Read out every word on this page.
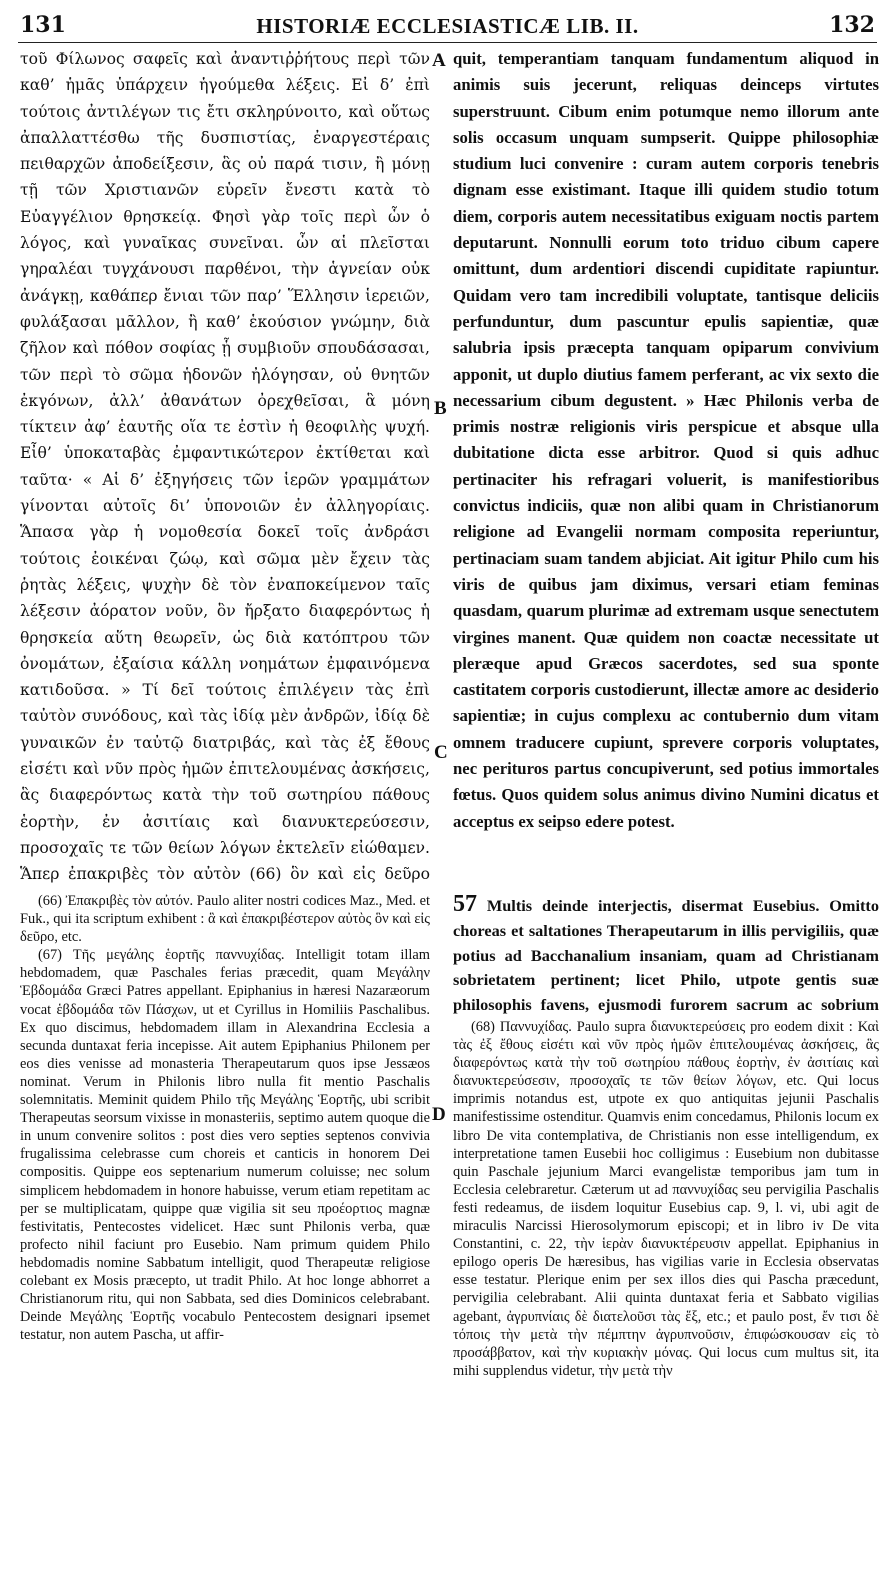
131	HISTORIÆ ECCLESIASTICÆ LIB. II.	132
τοῦ Φίλωνος σαφεῖς καὶ ἀναντιῤῥήτους περὶ τῶν καθ’ ἡμᾶς ὑπάρχειν ἡγούμεθα λέξεις. Εἰ δ’ ἐπὶ τούτοις ἀντιλέγων τις ἔτι σκληρύνοιτο, καὶ οὕτως ἀπαλλαττέσθω τῆς δυσπιστίας, ἐναργεστέραις πειθαρχῶν ἀποδείξεσιν, ἃς οὐ παρά τισιν, ἢ μόνῃ τῇ τῶν Χριστιανῶν εὑρεῖν ἔνεστι κατὰ τὸ Εὐαγγέλιον θρησκείᾳ. Φησὶ γὰρ τοῖς περὶ ὧν ὁ λόγος, καὶ γυναῖκας συνεῖναι. ὧν αἱ πλεῖσται γηραλέαι τυγχάνουσι παρθένοι, τὴν ἁγνείαν οὐκ ἀνάγκῃ, καθάπερ ἔνιαι τῶν παρ’ Ἕλλησιν ἱερειῶν, φυλάξασαι μᾶλλον, ἢ καθ’ ἑκούσιον γνώμην, διὰ ζῆλον καὶ πόθον σοφίας ᾗ συμβιοῦν σπουδάσασαι, τῶν περὶ τὸ σῶμα ἡδονῶν ἠλόγησαν, οὐ θνητῶν ἐκγόνων, ἀλλ’ ἀθανάτων ὀρεχθεῖσαι, ἃ μόνη τίκτειν ἀφ’ ἑαυτῆς οἵα τε ἐστὶν ἡ θεοφιλὴς ψυχή. Εἶθ’ ὑποκαταβὰς ἐμφαντικώτερον ἐκτίθεται καὶ ταῦτα· « Αἱ δ’ ἐξηγήσεις τῶν ἱερῶν γραμμάτων γίνονται αὐτοῖς δι’ ὑπονοιῶν ἐν ἀλληγορίαις. Ἅπασα γὰρ ἡ νομοθεσία δοκεῖ τοῖς ἀνδράσι τούτοις ἐοικέναι ζώῳ, καὶ σῶμα μὲν ἔχειν τὰς ῥητὰς λέξεις, ψυχὴν δὲ τὸν ἐναποκείμενον ταῖς λέξεσιν ἀόρατον νοῦν, ὃν ἤρξατο διαφερόντως ἡ θρησκεία αὕτη θεωρεῖν, ὡς διὰ κατόπτρου τῶν ὀνομάτων, ἐξαίσια κάλλη νοημάτων ἐμφαινόμενα κατιδοῦσα. » Τί δεῖ τούτοις ἐπιλέγειν τὰς ἐπὶ ταὐτὸν συνόδους, καὶ τὰς ἰδίᾳ μὲν ἀνδρῶν, ἰδίᾳ δὲ γυναικῶν ἐν ταὐτῷ διατριβάς, καὶ τὰς ἐξ ἔθους εἰσέτι καὶ νῦν πρὸς ἡμῶν ἐπιτελουμένας ἀσκήσεις, ἃς διαφερόντως κατὰ τὴν τοῦ σωτηρίου πάθους ἑορτὴν, ἐν ἀσιτίαις καὶ διανυκτερεύσεσιν, προσοχαῖς τε τῶν θείων λόγων ἐκτελεῖν εἰώθαμεν. Ἅπερ ἐπακριβὲς τὸν αὐτὸν (66) ὃν καὶ εἰς δεῦρο
A
B
C
D
quit, temperantiam tanquam fundamentum aliquod in animis suis jecerunt, reliquas deinceps virtutes superstruunt. Cibum enim potumque nemo illorum ante solis occasum unquam sumpserit. Quippe philosophiæ studium luci convenire : curam autem corporis tenebris dignam esse existimant. Itaque illi quidem studio totum diem, corporis autem necessitatibus exiguam noctis partem deputarunt. Nonnulli eorum toto triduo cibum capere omittunt, dum ardentiori discendi cupiditate rapiuntur. Quidam vero tam incredibili voluptate, tantisque deliciis perfunduntur, dum pascuntur epulis sapientiæ, quæ salubria ipsis præcepta tanquam opiparum convivium apponit, ut duplo diutius famem perferant, ac vix sexto die necessarium cibum degustent. » Hæc Philonis verba de primis nostræ religionis viris perspicue et absque ulla dubitatione dicta esse arbitror. Quod si quis adhuc pertinaciter his refragari voluerit, is manifestioribus convictus indiciis, quæ non alibi quam in Christianorum religione ad Evangelii normam composita reperiuntur, pertinaciam suam tandem abjiciat. Ait igitur Philo cum his viris de quibus jam diximus, versari etiam feminas quasdam, quarum plurimæ ad extremam usque senectutem virgines manent. Quæ quidem non coactæ necessitate ut pleræque apud Græcos sacerdotes, sed sua sponte castitatem corporis custodierunt, illectæ amore ac desiderio sapientiæ; in cujus complexu ac contubernio dum vitam omnem traducere cupiunt, sprevere corporis voluptates, nec perituros partus concupiverunt, sed potius immortales fœtus. Quos quidem solus animus divino Numini dicatus et acceptus ex seipso edere potest.

(66) Ἐπακριβὲς τὸν αὐτόν. Paulo aliter nostri codices Maz., Med. et Fuk., qui ita scriptum exhibent : ἃ καὶ ἐπακριβέστερον αὐτὸς ὃν καὶ εἰς δεῦρο, etc.

(67) Τῆς μεγάλης ἑορτῆς παννυχίδας. Intelligit totam illam hebdomadem, quæ Paschales ferias præcedit, quam Μεγάλην Ἑβδομάδα Græci Patres appellant. Epiphanius in hæresi Nazaræorum vocat ἑβδομάδα τῶν Πάσχων, ut et Cyrillus in Homiliis Paschalibus. Ex quo discimus, hebdomadem illam in Alexandrina Ecclesia a secunda duntaxat feria incepisse. Ait autem Epiphanius Philonem per eos dies venisse ad monasteria Therapeutarum quos ipse Jessæos nominat. Verum in Philonis libro nulla fit mentio Paschalis solemnitatis. Meminit quidem Philo τῆς Μεγάλης Ἑορτῆς, ubi scribit Therapeutas seorsum vixisse in monasteriis, septimo autem quoque die in unum convenire solitos : post dies vero septies septenos convivia frugalissima celebrasse cum choreis et canticis in honorem Dei compositis. Quippe eos septenarium numerum coluisse; nec solum simplicem hebdomadem in honore habuisse, verum etiam repetitam ac per se multiplicatam, quippe quæ vigilia sit seu προέορτιος magnæ festivitatis, Pentecostes videlicet. Hæc sunt Philonis verba, quæ profecto nihil faciunt pro Eusebio. Nam primum quidem Philo hebdomadis nomine Sabbatum intelligit, quod Therapeutæ religiose colebant ex Mosis præcepto, ut tradit Philo. At hoc longe abhorret a Christianorum ritu, qui non Sabbata, sed dies Dominicos celebrabant. Deinde Μεγάλης Ἑορτῆς vocabulo Pentecostem designari ipsemet testatur, non autem Pascha, ut affir-

57 Multis deinde interjectis, disermat Eusebius. Omitto choreas et saltationes Therapeutarum in illis pervigiliis, quæ potius ad Bacchanalium insaniam, quam ad Christianam sobrietatem pertinent; licet Philo, utpote gentis suæ philosophis favens, ejusmodi furorem sacrum ac sobrium

(68) Παννυχίδας. Paulo supra διανυκτερεύσεις pro eodem dixit : Καὶ τὰς ἐξ ἔθους εἰσέτι καὶ νῦν πρὸς ἡμῶν ἐπιτελουμένας ἀσκήσεις, ἃς διαφερόντως κατὰ τὴν τοῦ σωτηρίου πάθους ἑορτὴν, ἐν ἀσιτίαις καὶ διανυκτερεύσεσιν, προσοχαῖς τε τῶν θείων λόγων, etc. Qui locus imprimis notandus est, utpote ex quo antiquitas jejunii Paschalis manifestissime ostenditur. Quamvis enim concedamus, Philonis locum ex libro De vita contemplativa, de Christianis non esse intelligendum, ex interpretatione tamen Eusebii hoc colligimus : Eusebium non dubitasse quin Paschale jejunium Marci evangelistæ temporibus jam tum in Ecclesia celebraretur. Cæterum ut ad παννυχίδας seu pervigilia Paschalis festi redeamus, de iisdem loquitur Eusebius cap. 9, l. vi, ubi agit de miraculis Narcissi Hierosolymorum episcopi; et in libro iv De vita Constantini, c. 22, τὴν ἱερὰν διανυκτέρευσιν appellat. Epiphanius in epilogo operis De hæresibus, has vigilias varie in Ecclesia observatas esse testatur. Plerique enim per sex illos dies qui Pascha præcedunt, pervigilia celebrabant. Alii quinta duntaxat feria et Sabbato vigilias agebant, ἀγρυπνίαις δὲ διατελοῦσι τὰς ἕξ, etc.; et paulo post, ἔν τισι δὲ τόποις τὴν μετὰ τὴν πέμπτην ἀγρυπνοῦσιν, ἐπιφώσκουσαν εἰς τὸ προσάββατον, καὶ τὴν κυριακὴν μόνας. Qui locus cum multus sit, ita mihi supplendus videtur, τὴν μετὰ τὴν
